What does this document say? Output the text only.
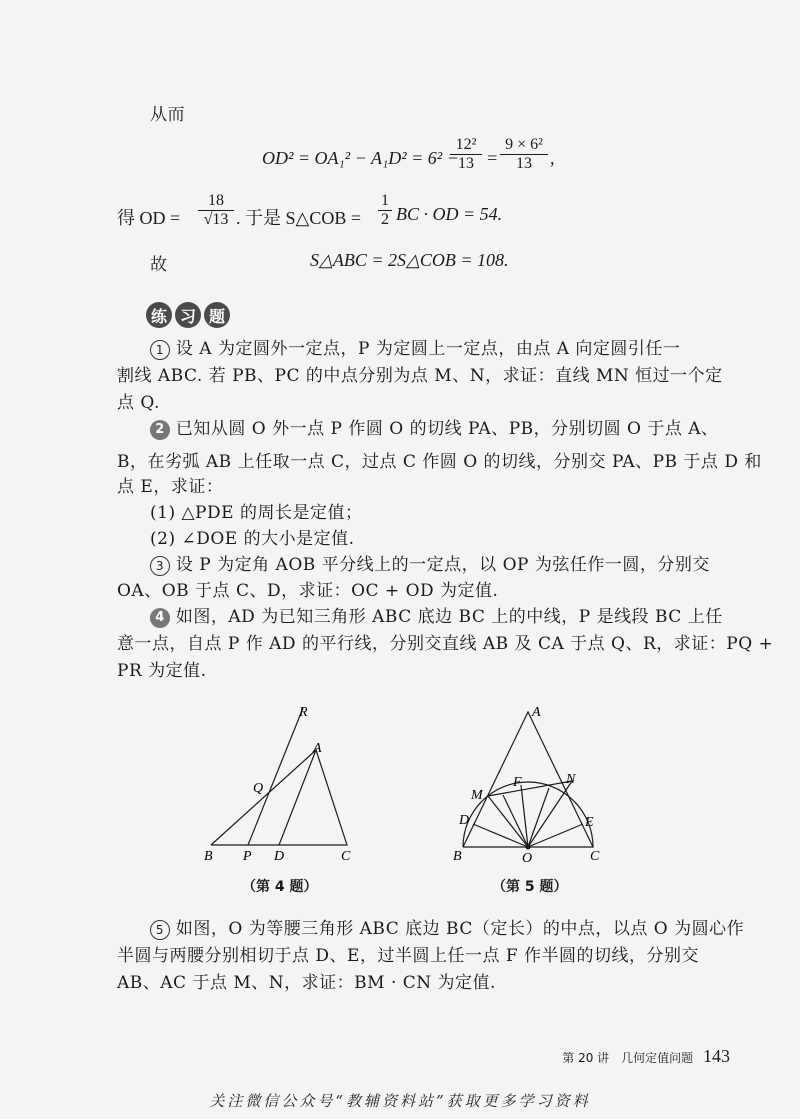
从而
OD² = OA₁² − A₁D² = 6² −
$\frac{\text{12²}}{13} = \frac{\text{9 × 6²}}{13}$ ,
得 OD = $\frac{18}{√13}$ . 于是 S△COB = $\frac{1}{2}$ BC · OD = 54.
故	S△ABC = 2S△COB = 108.
练 习 题
1 设 A 为定圆外一定点，P 为定圆上一定点，由点 A 向定圆引任一
割线 ABC. 若 PB、PC 的中点分别为点 M、N，求证：直线 MN 恒过一个定
点 Q.
2 已知从圆 O 外一点 P 作圆 O 的切线 PA、PB，分别切圆 O 于点 A、
B，在劣弧 AB 上任取一点 C，过点 C 作圆 O 的切线，分别交 PA、PB 于点 D 和
点 E，求证：
(1) △PDE 的周长是定值；
(2) ∠DOE 的大小是定值.
3 设 P 为定角 AOB 平分线上的一定点，以 OP 为弦任作一圆，分别交
OA、OB 于点 C、D，求证：OC + OD 为定值.
4 如图，AD 为已知三角形 ABC 底边 BC 上的中线，P 是线段 BC 上任
意一点，自点 P 作 AD 的平行线，分别交直线 AB 及 CA 于点 Q、R，求证：PQ +
PR 为定值.
R
A
Q
B P D	C
（第 4 题）
A
F	N
M
D	E
B	O	C
（第 5 题）
5 如图，O 为等腰三角形 ABC 底边 BC（定长）的中点，以点 O 为圆心作
半圆与两腰分别相切于点 D、E，过半圆上任一点 F 作半圆的切线，分别交
AB、AC 于点 M、N，求证：BM · CN 为定值.
第 20 讲　几何定值问题 143
关注微信公众号“教辅资料站”获取更多学习资料
